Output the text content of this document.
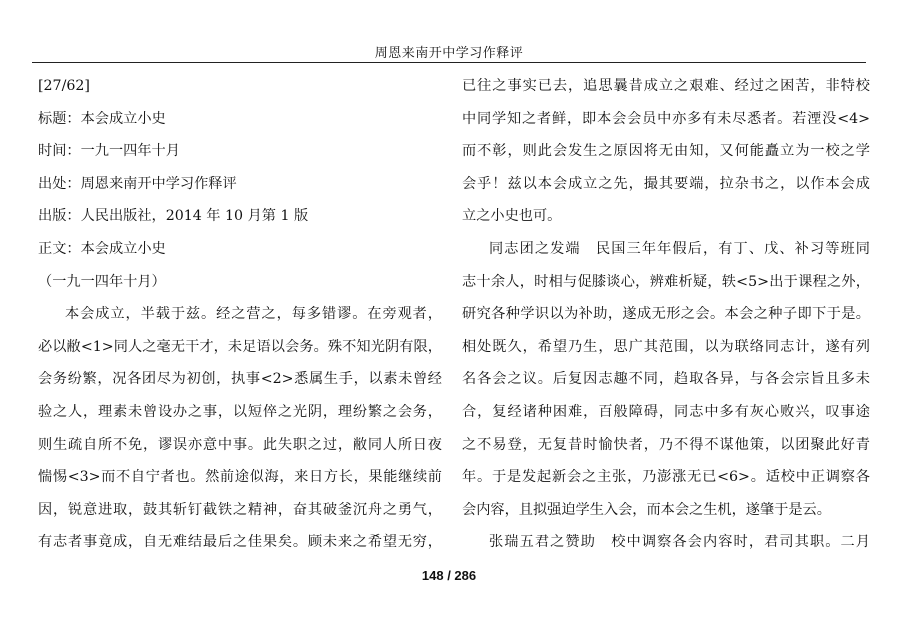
周恩来南开中学习作释评
[27/62]
标题：本会成立小史
时间：一九一四年十月
出处：周恩来南开中学习作释评
出版：人民出版社，2014 年 10 月第 1 版
正文：本会成立小史
（一九一四年十月）
本会成立，半载于兹。经之营之，每多错谬。在旁观者，
必以敝<1>同人之毫无干才，未足语以会务。殊不知光阴有限，
会务纷繁，况各团尽为初创，执事<2>悉属生手，以素未曾经
验之人，理素未曾设办之事，以短倅之光阴，理纷繁之会务，
则生疏自所不免，谬误亦意中事。此失职之过，敝同人所日夜
惴惕<3>而不自宁者也。然前途似海，来日方长，果能继续前
因，锐意进取，鼓其斩钉截铁之精神，奋其破釜沉舟之勇气，
有志者事竟成，自无难结最后之佳果矣。顾未来之希望无穷，
已往之事实已去，追思曩昔成立之艰难、经过之困苦，非特校
中同学知之者鲜，即本会会员中亦多有未尽悉者。若湮没<4>
而不彰，则此会发生之原因将无由知，又何能矗立为一校之学
会乎！兹以本会成立之先，撮其要端，拉杂书之，以作本会成
立之小史也可。
同志团之发端　民国三年年假后，有丁、戊、补习等班同
志十余人，时相与促膝谈心，辨难析疑，轶<5>出于课程之外，
研究各种学识以为补助，遂成无形之会。本会之种子即下于是。
相处既久，希望乃生，思广其范围，以为联络同志计，遂有列
名各会之议。后复因志趣不同，趋取各异，与各会宗旨且多未
合，复经诸种困难，百般障碍，同志中多有灰心败兴，叹事途
之不易登，无复昔时愉快者，乃不得不谋他策，以团聚此好青
年。于是发起新会之主张，乃澎涨无已<6>。适校中正调察各
会内容，且拟强迫学生入会，而本会之生机，遂肇于是云。
张瑞五君之赞助　校中调察各会内容时，君司其职。二月
148 / 286
